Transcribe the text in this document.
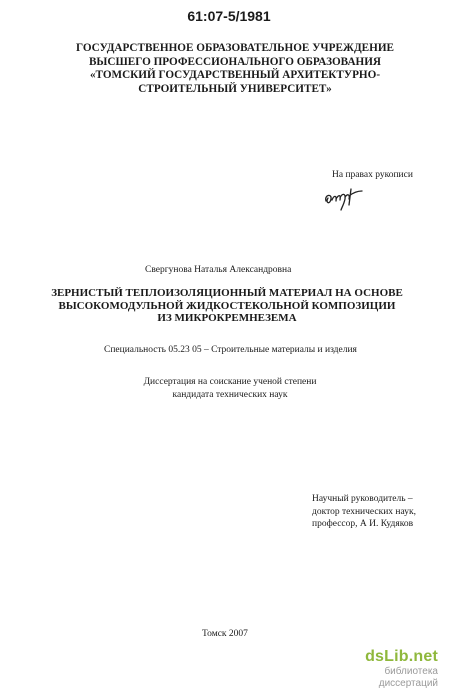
61:07-5/1981
ГОСУДАРСТВЕННОЕ ОБРАЗОВАТЕЛЬНОЕ УЧРЕЖДЕНИЕ
ВЫСШЕГО ПРОФЕССИОНАЛЬНОГО ОБРАЗОВАНИЯ
«ТОМСКИЙ ГОСУДАРСТВЕННЫЙ АРХИТЕКТУРНО-
СТРОИТЕЛЬНЫЙ УНИВЕРСИТЕТ»
На правах рукописи
Свергунова Наталья Александровна
ЗЕРНИСТЫЙ ТЕПЛОИЗОЛЯЦИОННЫЙ МАТЕРИАЛ НА ОСНОВЕ
ВЫСОКОМОДУЛЬНОЙ ЖИДКОСТЕКОЛЬНОЙ КОМПОЗИЦИИ
ИЗ МИКРОКРЕМНЕЗЕМА
Специальность 05.23 05 – Строительные материалы и изделия
Диссертация на соискание ученой степени
кандидата технических наук
Научный руководитель –
доктор технических наук,
профессор, А И. Кудяков
Томск 2007
dsLib.net
библиотека диссертаций
